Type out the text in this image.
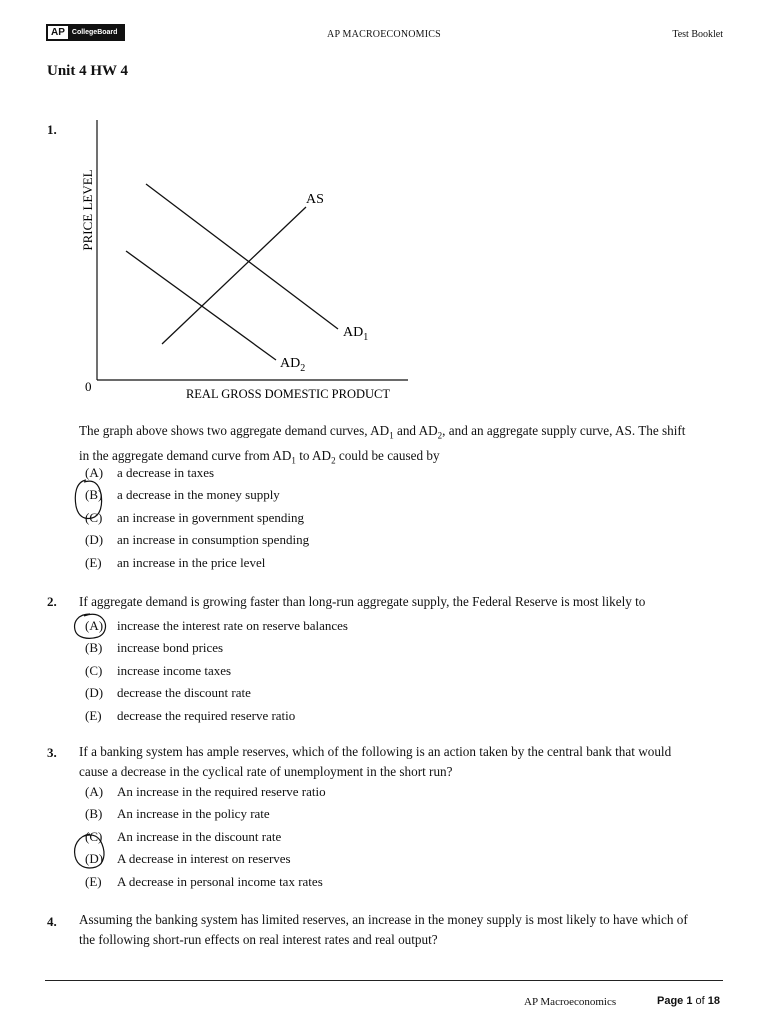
AP	CollegeBoard	AP MACROECONOMICS	Test Booklet
Unit 4 HW 4
1.
PRICE LEVEL
0	REAL GROSS DOMESTIC PRODUCT
AS
$AD_1$
$AD_2$
The graph above shows two aggregate demand curves, $AD_1$ and $AD_2$, and an aggregate supply curve, AS. The shift
in the aggregate demand curve from $AD_1$ to $AD_2$ could be caused by
(A) a decrease in taxes
(B) a decrease in the money supply
(C) an increase in government spending
(D) an increase in consumption spending
(E) an increase in the price level
2. If aggregate demand is growing faster than long-run aggregate supply, the Federal Reserve is most likely to
(A) increase the interest rate on reserve balances
(B) increase bond prices
(C) increase income taxes
(D) decrease the discount rate
(E) decrease the required reserve ratio
3. If a banking system has ample reserves, which of the following is an action taken by the central bank that would
cause a decrease in the cyclical rate of unemployment in the short run?
(A) An increase in the required reserve ratio
(B) An increase in the policy rate
(C) An increase in the discount rate
(D) A decrease in interest on reserves
(E) A decrease in personal income tax rates
4. Assuming the banking system has limited reserves, an increase in the money supply is most likely to have which of
the following short-run effects on real interest rates and real output?
AP Macroeconomics	Page 1 of 18
